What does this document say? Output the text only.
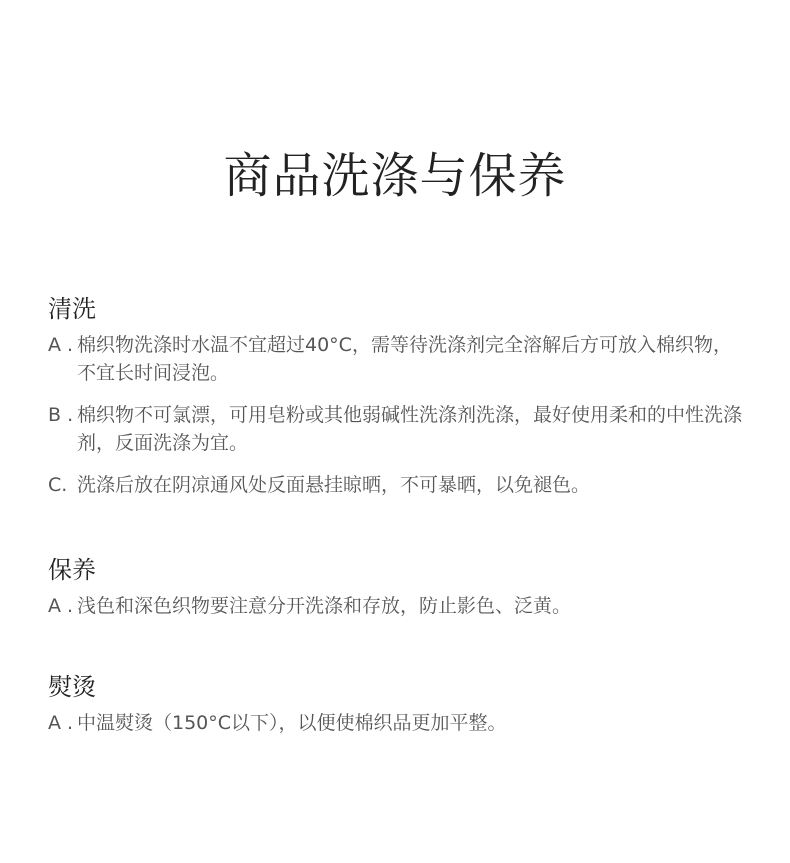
商品洗涤与保养
清洗
A . 棉织物洗涤时水温不宜超过40°C，需等待洗涤剂完全溶解后方可放入棉织物，不宜长时间浸泡。
B . 棉织物不可氯漂，可用皂粉或其他弱碱性洗涤剂洗涤，最好使用柔和的中性洗涤剂，反面洗涤为宜。
C. 洗涤后放在阴凉通风处反面悬挂晾晒，不可暴晒，以免褪色。
保养
A . 浅色和深色织物要注意分开洗涤和存放，防止影色、泛黄。
熨烫
A . 中温熨烫（150°C以下），以便使棉织品更加平整。
